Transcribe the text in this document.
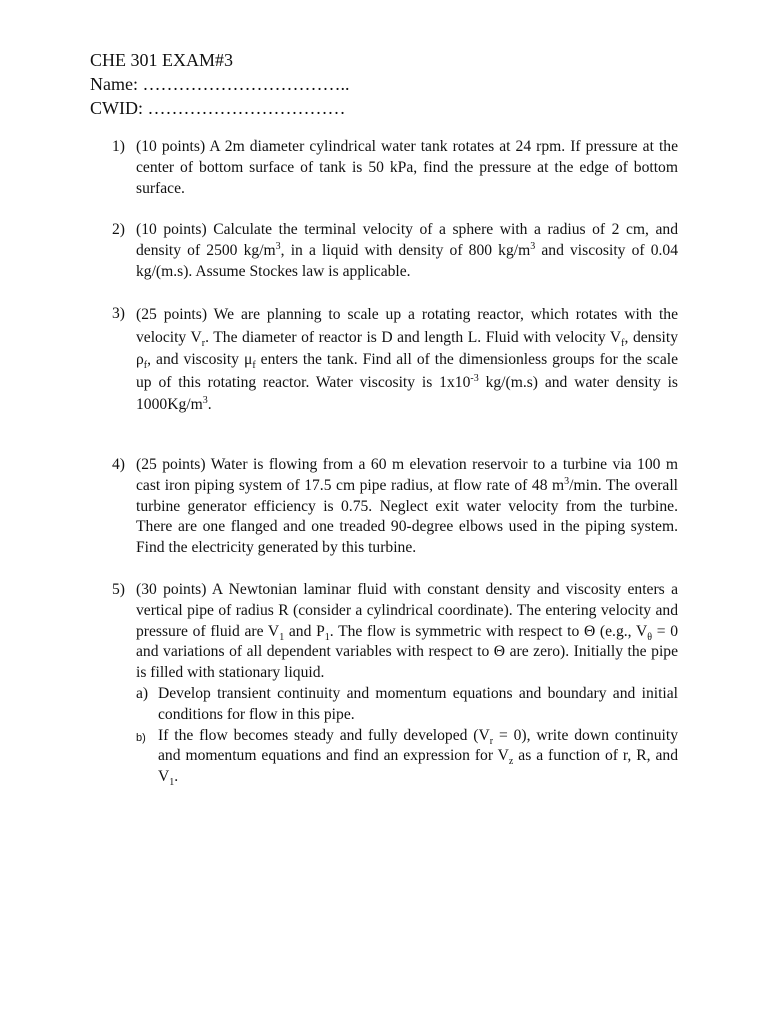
CHE 301 EXAM#3
Name: ……………………………..
CWID: ……………………………
1) (10 points) A 2m diameter cylindrical water tank rotates at 24 rpm. If pressure at the center of bottom surface of tank is 50 kPa, find the pressure at the edge of bottom surface.

2) (10 points) Calculate the terminal velocity of a sphere with a radius of 2 cm, and density of 2500 $kg/m^3$, in a liquid with density of 800 $kg/m^3$ and viscosity of 0.04 kg/(m.s). Assume Stockes law is applicable.

3) (25 points) We are planning to scale up a rotating reactor, which rotates with the velocity $V_r$. The diameter of reactor is D and length L. Fluid with velocity $V_f$, density $\rho_f$, and viscosity $\mu_f$ enters the tank. Find all of the dimensionless groups for the scale up of this rotating reactor. Water viscosity is $1x10^{-3}$ kg/(m.s) and water density is $1000Kg/m^3$.

4) (25 points) Water is flowing from a 60 m elevation reservoir to a turbine via 100 m cast iron piping system of 17.5 cm pipe radius, at flow rate of 48 $m^3/\min$. The overall turbine generator efficiency is 0.75. Neglect exit water velocity from the turbine. There are one flanged and one treaded 90-degree elbows used in the piping system. Find the electricity generated by this turbine.

5) (30 points) A Newtonian laminar fluid with constant density and viscosity enters a vertical pipe of radius R (consider a cylindrical coordinate). The entering velocity and pressure of fluid are $V_1$ and $P_1$. The flow is symmetric with respect to Θ (e.g., $V_\theta = 0$ and variations of all dependent variables with respect to Θ are zero). Initially the pipe is filled with stationary liquid.

a) Develop transient continuity and momentum equations and boundary and initial conditions for flow in this pipe.
b) If the flow becomes steady and fully developed $(V_r = 0)$, write down continuity and momentum equations and find an expression for $V_z$ as a function of r, R, and $V_1$.
